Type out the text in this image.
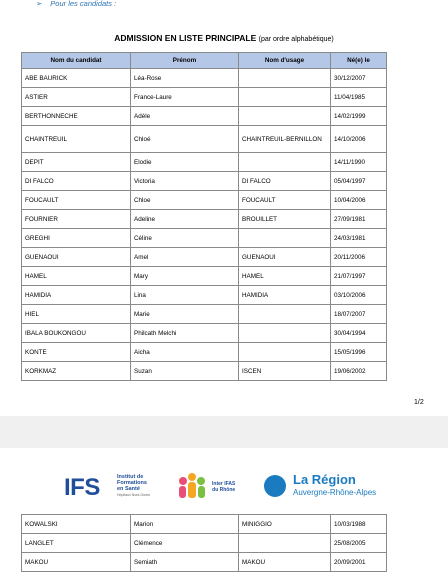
➢ Pour les candidats :
ADMISSION EN LISTE PRINCIPALE (par ordre alphabétique)
Nom du candidat	Prénom	Nom d'usage	Né(e) le
ABE BAURICK	Léa-Rose		30/12/2007
ASTIER	France-Laure		11/04/1985
BERTHONNECHE	Adèle		14/02/1999
CHAINTREUIL	Chloé	CHAINTREUIL-BERNILLON	14/10/2006
DEPIT	Elodie		14/11/1990
DI FALCO	Victoria	DI FALCO	05/04/1997
FOUCAULT	Chloe	FOUCAULT	10/04/2006
FOURNIER	Adeline	BROUILLET	27/09/1981
GREGHI	Céline		24/03/1981
GUENAOUI	Amel	GUENAOUI	20/11/2006
HAMEL	Mary	HAMEL	21/07/1997
HAMIDIA	Lina	HAMIDIA	03/10/2006
HIEL	Marie		18/07/2007
IBALA BOUKONGOU	Philcath Melchi		30/04/1994
KONTE	Aicha		15/05/1996
KORKMAZ	Suzan	ISCEN	19/06/2002
1/2
IFS	Institut de
Formations
en Santé
Hôpitaux Nord-Ouest
Inter IFAS
du Rhône
La Région
Auvergne-Rhône-Alpes
KOWALSKI	Marion	MINIGGIO	10/03/1988
LANGLET	Clémence		25/08/2005
MAKOU	Semiath	MAKOU	20/09/2001
